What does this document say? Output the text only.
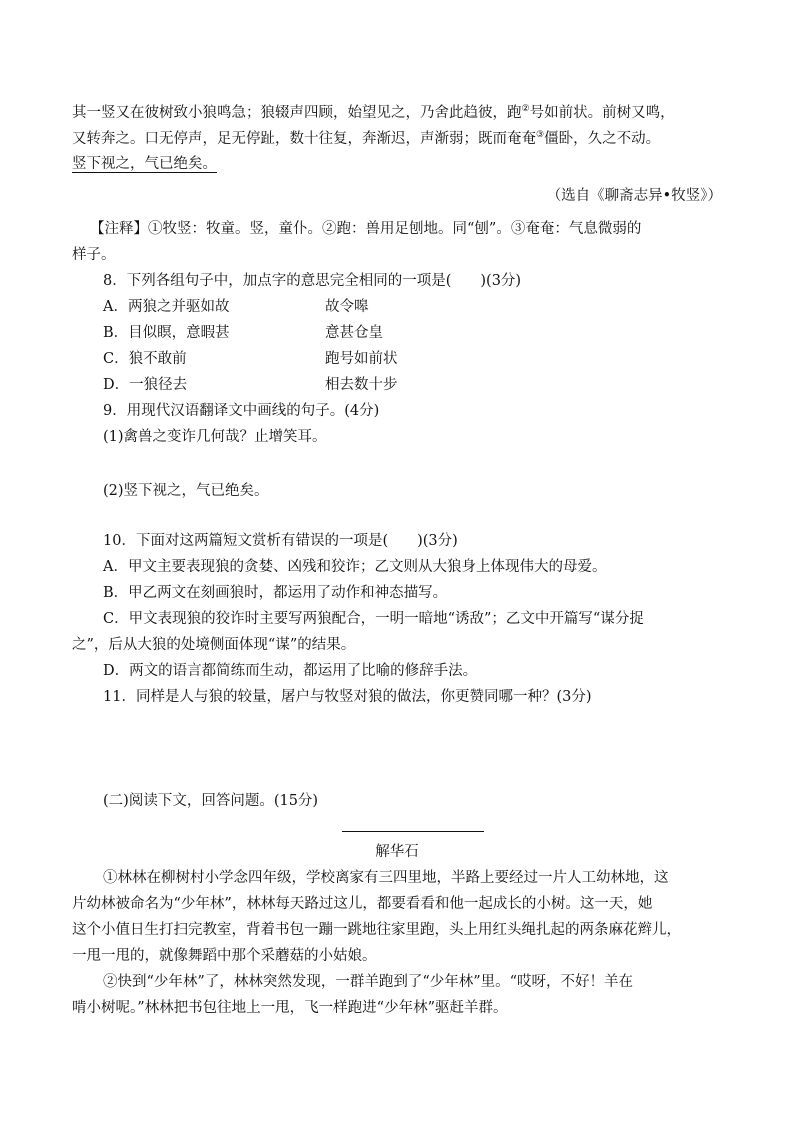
其一竖又在彼树致小狼鸣急；狼辍声四顾，始望见之，乃舍此趋彼，跑②号如前状。前树又鸣，
又转奔之。口无停声，足无停趾，数十往复，奔渐迟，声渐弱；既而奄奄③僵卧，久之不动。
竖下视之，气已绝矣。
（选自《聊斋志异•牧竖》）
【注释】①牧竖：牧童。竖，童仆。②跑：兽用足刨地。同“刨”。③奄奄：气息微弱的
样子。
8．下列各组句子中，加点字的意思完全相同的一项是(　　)(3分)
A．两狼之并驱如故	故令嗥
B．目似瞑，意暇甚	意甚仓皇
C．狼不敢前	跑号如前状
D．一狼径去	相去数十步
9．用现代汉语翻译文中画线的句子。(4分)
(1)禽兽之变诈几何哉？止增笑耳。
(2)竖下视之，气已绝矣。
10．下面对这两篇短文赏析有错误的一项是(　　)(3分)
A．甲文主要表现狼的贪婪、凶残和狡诈；乙文则从大狼身上体现伟大的母爱。
B．甲乙两文在刻画狼时，都运用了动作和神态描写。
C．甲文表现狼的狡诈时主要写两狼配合，一明一暗地“诱敌”；乙文中开篇写“谋分捉
之”，后从大狼的处境侧面体现“谋”的结果。
D．两文的语言都简练而生动，都运用了比喻的修辞手法。
11．同样是人与狼的较量，屠户与牧竖对狼的做法，你更赞同哪一种？(3分)
(二)阅读下文，回答问题。(15分)
解华石
①林林在柳树村小学念四年级，学校离家有三四里地，半路上要经过一片人工幼林地，这
片幼林被命名为“少年林”，林林每天路过这儿，都要看看和他一起成长的小树。这一天，她
这个小值日生打扫完教室，背着书包一蹦一跳地往家里跑，头上用红头绳扎起的两条麻花辫儿，
一甩一甩的，就像舞蹈中那个采蘑菇的小姑娘。
②快到“少年林”了，林林突然发现，一群羊跑到了“少年林”里。“哎呀，不好！羊在
啃小树呢。”林林把书包往地上一甩，飞一样跑进“少年林”驱赶羊群。
